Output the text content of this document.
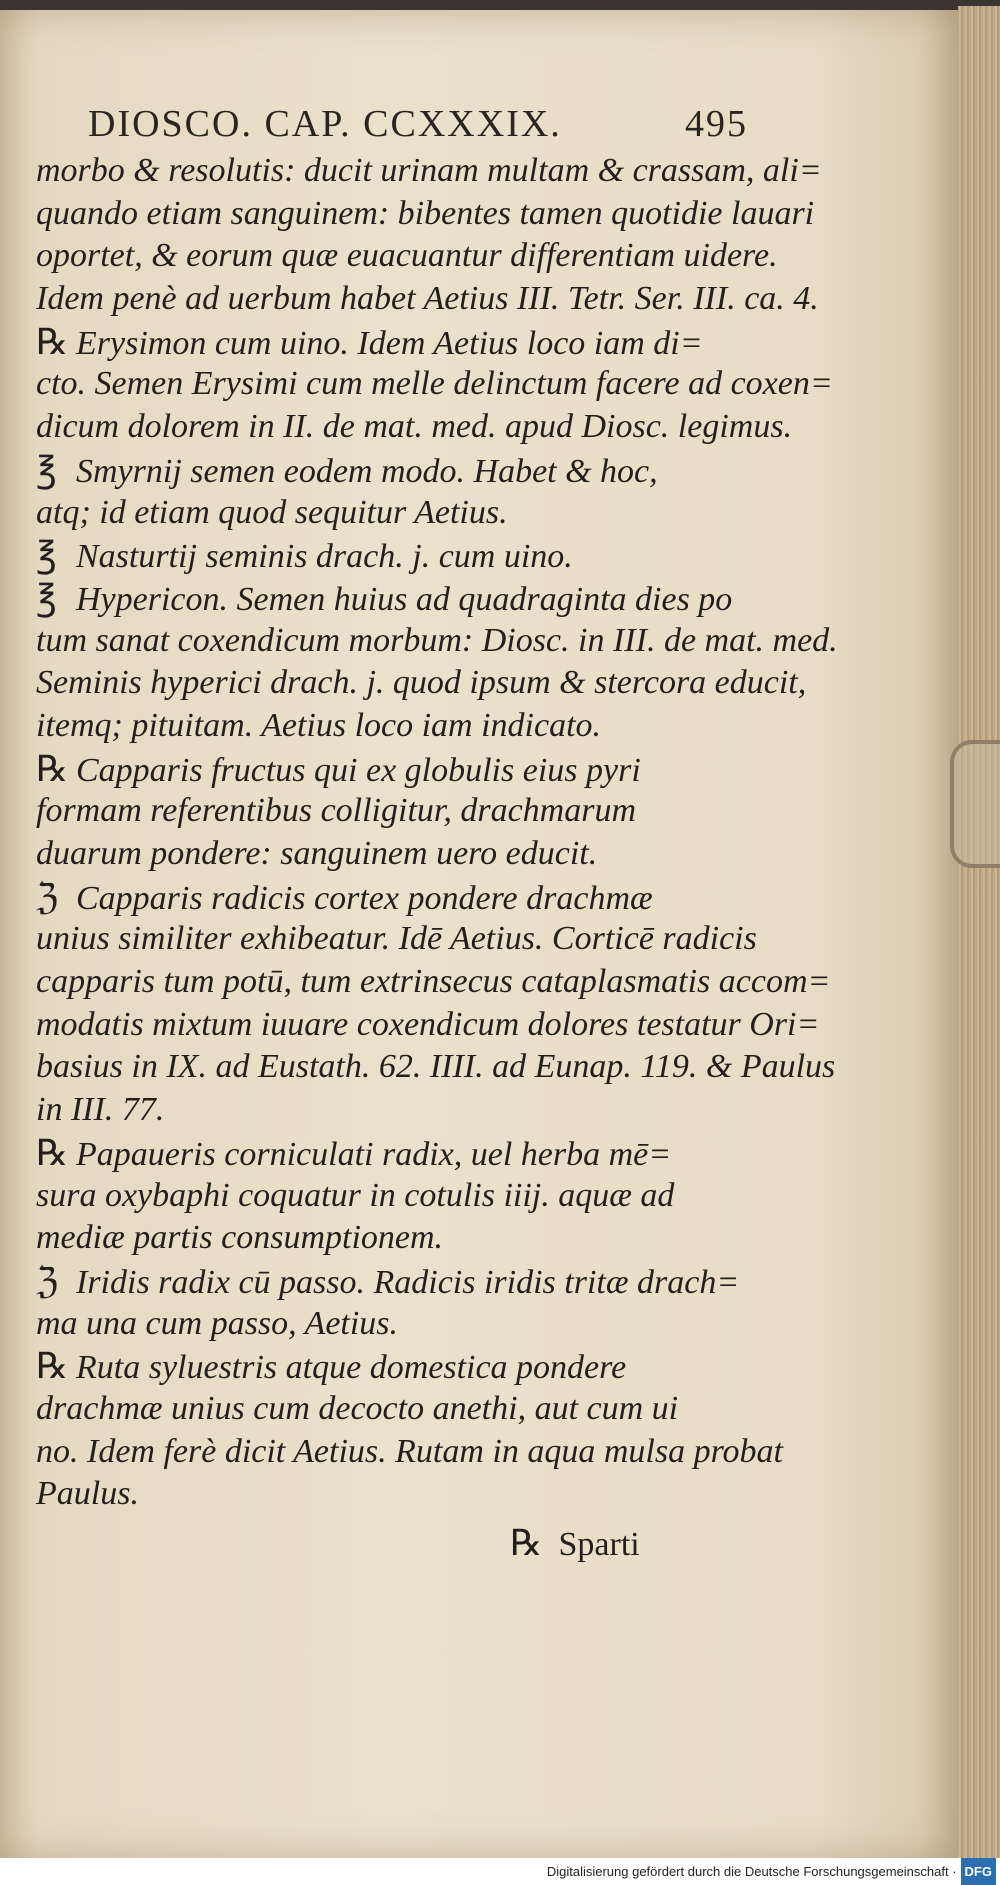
DIOSCO. CAP. CCXXXIX.	495
morbo & resolutis: ducit urinam multam & crassam, ali=
quando etiam sanguinem: bibentes tamen quotidie lauari
oportet, & eorum quæ euacuantur differentiam uidere.
Idem penè ad uerbum habet Aetius III. Tetr. Ser. III. ca. 4.
℞ Erysimon cum uino. Idem Aetius loco iam di=
cto. Semen Erysimi cum melle delinctum facere ad coxen=
dicum dolorem in II. de mat. med. apud Diosc. legimus.
℥ Smyrnij semen eodem modo. Habet & hoc,
atq; id etiam quod sequitur Aetius.
℥ Nasturtij seminis drach. j. cum uino.
℥ Hypericon. Semen huius ad quadraginta dies po
tum sanat coxendicum morbum: Diosc. in III. de mat. med.
Seminis hyperici drach. j. quod ipsum & stercora educit,
itemq; pituitam. Aetius loco iam indicato.
℞ Capparis fructus qui ex globulis eius pyri
formam referentibus colligitur, drachmarum
duarum pondere: sanguinem uero educit.
ℨ Capparis radicis cortex pondere drachmæ
unius similiter exhibeatur. Idē Aetius. Corticē radicis
capparis tum potū, tum extrinsecus cataplasmatis accom=
modatis mixtum iuuare coxendicum dolores testatur Ori=
basius in IX. ad Eustath. 62. IIII. ad Eunap. 119. & Paulus
in III. 77.
℞ Papaueris corniculati radix, uel herba mē=
sura oxybaphi coquatur in cotulis iiij. aquæ ad
mediæ partis consumptionem.
ℨ Iridis radix cū passo. Radicis iridis tritæ drach=
ma una cum passo, Aetius.
℞ Ruta syluestris atque domestica pondere
drachmæ unius cum decocto anethi, aut cum ui
no. Idem ferè dicit Aetius. Rutam in aqua mulsa probat
Paulus.
℞ Sparti
Digitalisierung gefördert durch die Deutsche Forschungsgemeinschaft · DFG
